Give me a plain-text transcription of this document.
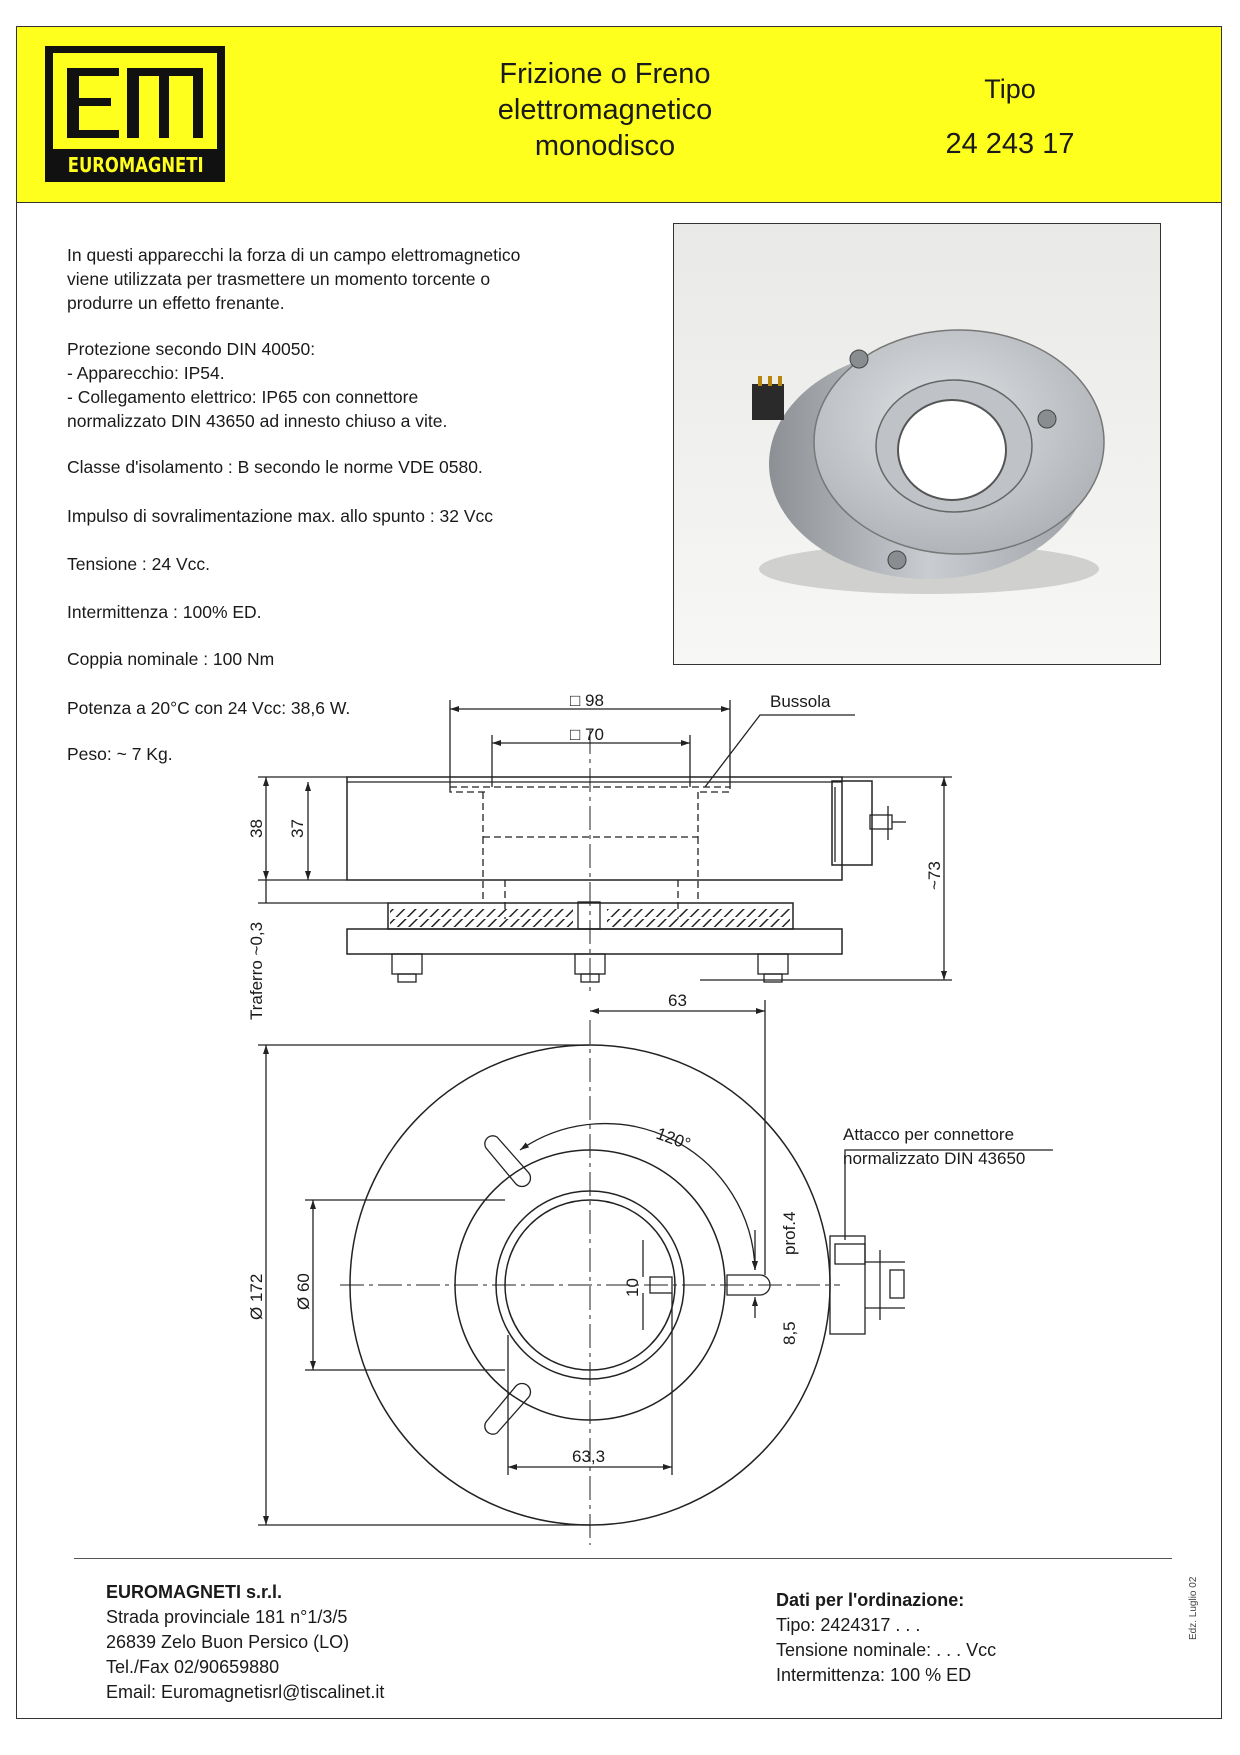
EUROMAGNETI
Frizione o Freno
elettromagnetico
monodisco
Tipo
24 243 17
In questi apparecchi la forza di un campo elettromagnetico
viene utilizzata per trasmettere un momento torcente o
produrre un effetto frenante.
Protezione secondo DIN 40050:
- Apparecchio: IP54.
- Collegamento elettrico: IP65 con connettore
normalizzato DIN 43650 ad innesto chiuso a vite.
Classe d'isolamento : B secondo le norme VDE 0580.
Impulso di sovralimentazione max. allo spunto : 32 Vcc
Tensione : 24 Vcc.
Intermittenza : 100% ED.
Coppia nominale : 100 Nm
Potenza a 20°C con 24 Vcc: 38,6 W.
Peso: ~ 7 Kg.
□ 98
□ 70
Bussola
38 37
~73
Traferro ~0,3	63
120°	Attacco per connettore
normalizzato DIN 43650
prof.4
Ø 172 Ø 60	10
8,5
63,3
EUROMAGNETI s.r.l.
Strada provinciale 181 n°1/3/5
26839 Zelo Buon Persico (LO)
Tel./Fax 02/90659880
Email: Euromagnetisrl@tiscalinet.it
Dati per l'ordinazione:
Tipo: 2424317 . . .
Tensione nominale: . . . Vcc
Intermittenza: 100 % ED
Edz. Luglio 02
